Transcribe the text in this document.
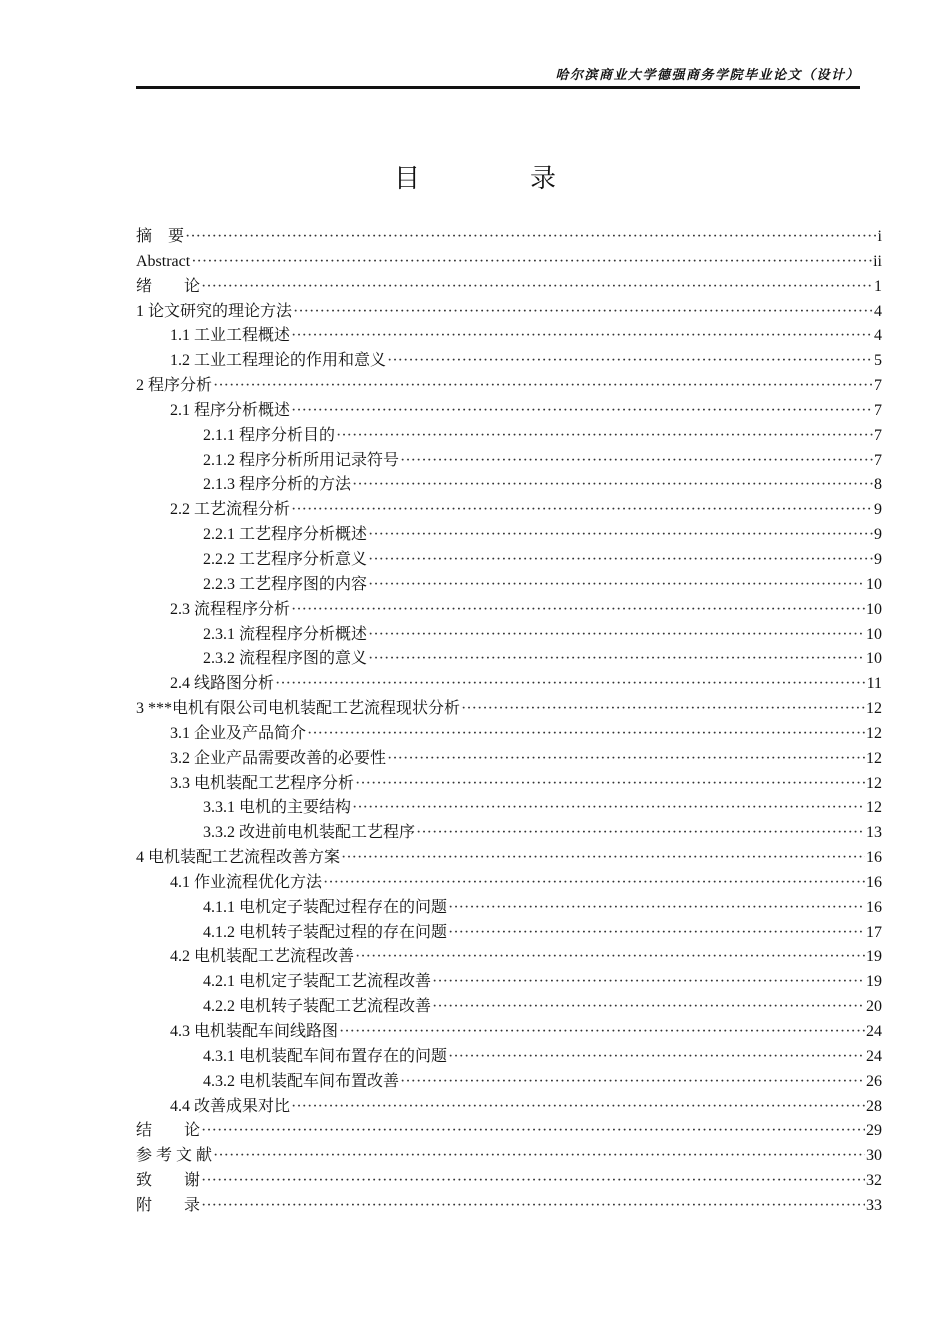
哈尔滨商业大学德强商务学院毕业论文（设计）
目　录
摘　要 ·····	i
Abstract ·····	ii
绪　　论 ·····	1
1 论文研究的理论方法 ·····	4
1.1 工业工程概述 ·····	4
1.2 工业工程理论的作用和意义 ·····	5
2 程序分析 ·····	7
2.1 程序分析概述 ·····	7
2.1.1 程序分析目的 ·····	7
2.1.2 程序分析所用记录符号 ·····	7
2.1.3 程序分析的方法 ·····	8
2.2 工艺流程分析 ·····	9
2.2.1 工艺程序分析概述 ·····	9
2.2.2 工艺程序分析意义 ·····	9
2.2.3 工艺程序图的内容 ·····	10
2.3 流程程序分析 ·····	10
2.3.1 流程程序分析概述 ·····	10
2.3.2 流程程序图的意义 ·····	10
2.4 线路图分析 ·····	11
3 ***电机有限公司电机装配工艺流程现状分析 ·····	12
3.1 企业及产品简介 ·····	12
3.2 企业产品需要改善的必要性 ·····	12
3.3 电机装配工艺程序分析 ·····	12
3.3.1 电机的主要结构 ·····	12
3.3.2 改进前电机装配工艺程序 ·····	13
4 电机装配工艺流程改善方案 ·····	16
4.1 作业流程优化方法 ·····	16
4.1.1 电机定子装配过程存在的问题 ·····	16
4.1.2 电机转子装配过程的存在问题 ·····	17
4.2 电机装配工艺流程改善 ·····	19
4.2.1 电机定子装配工艺流程改善 ·····	19
4.2.2 电机转子装配工艺流程改善 ·····	20
4.3 电机装配车间线路图 ·····	24
4.3.1 电机装配车间布置存在的问题 ·····	24
4.3.2 电机装配车间布置改善 ·····	26
4.4 改善成果对比 ·····	28
结　　论 ·····	29
参 考 文 献 ·····	30
致　　谢 ·····	32
附　　录 ·····	33
